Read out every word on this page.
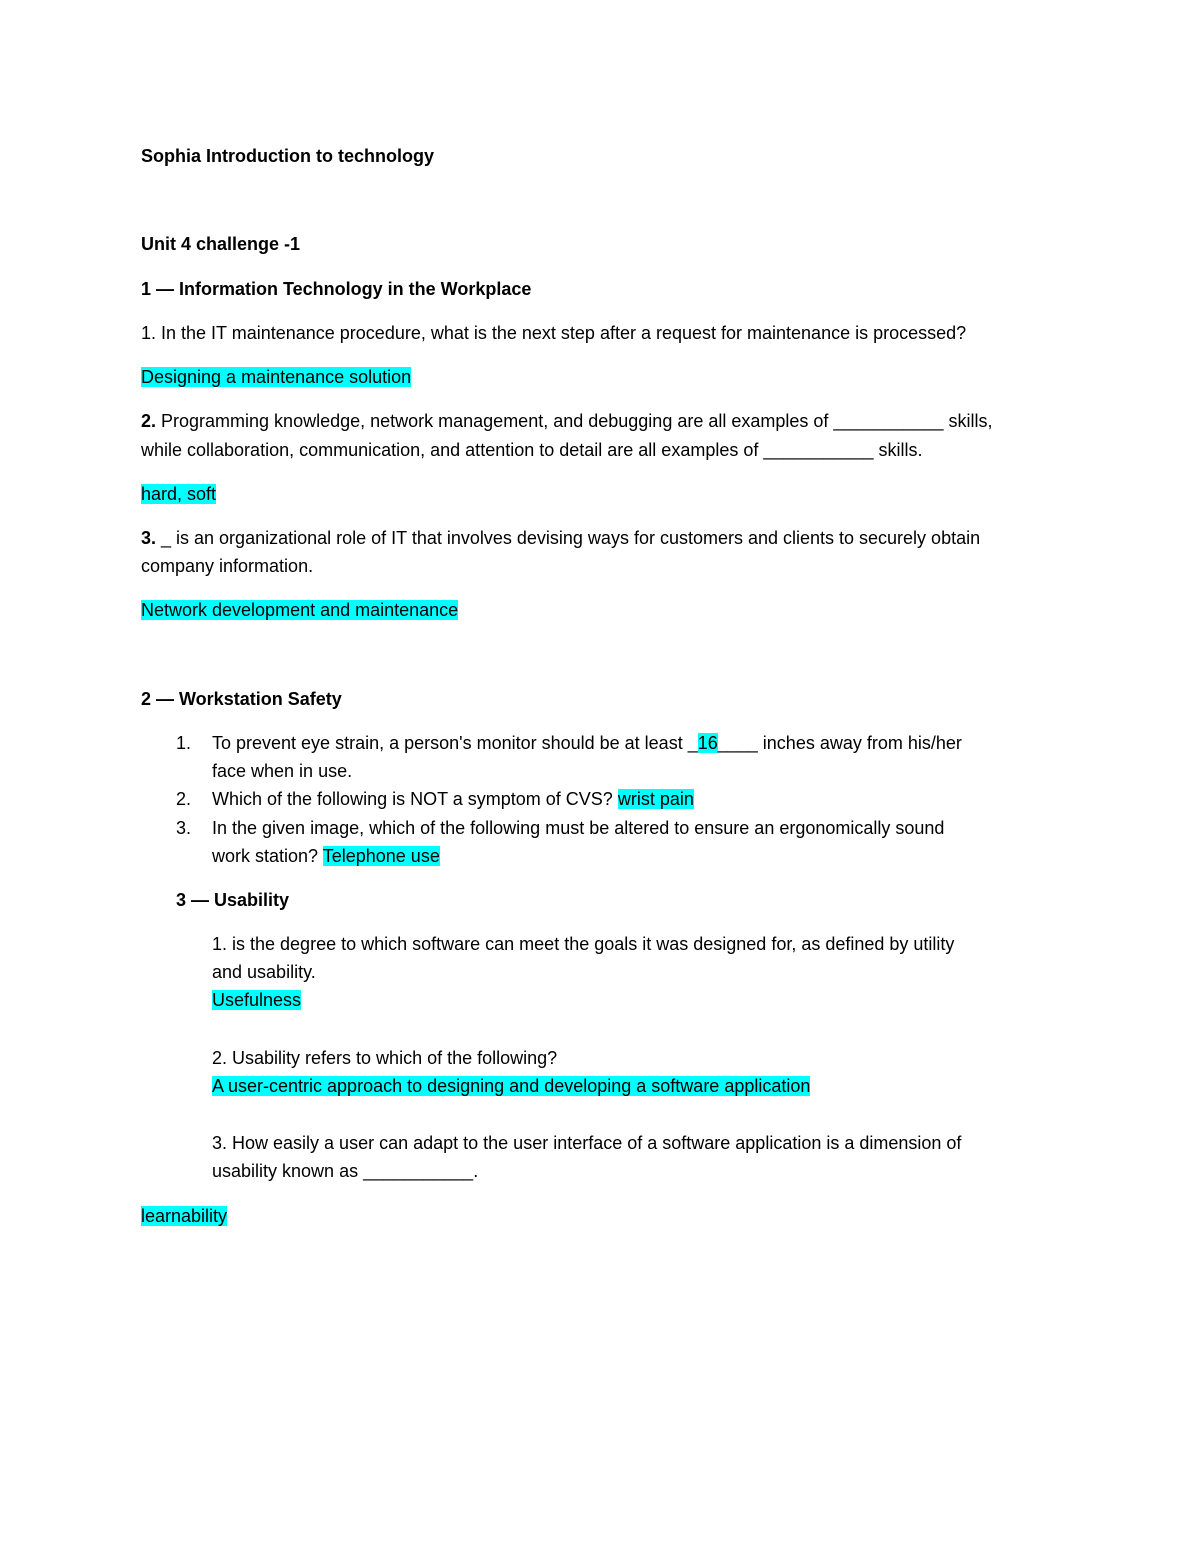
Sophia Introduction to technology
Unit 4 challenge -1
1 — Information Technology in the Workplace
1. In the IT maintenance procedure, what is the next step after a request for maintenance is processed?
Designing a maintenance solution
2. Programming knowledge, network management, and debugging are all examples of ___________ skills,
while collaboration, communication, and attention to detail are all examples of ___________ skills.
hard, soft
3. _ is an organizational role of IT that involves devising ways for customers and clients to securely obtain
company information.
Network development and maintenance
2 — Workstation Safety
1. To prevent eye strain, a person's monitor should be at least _16____ inches away from his/her
face when in use.
2. Which of the following is NOT a symptom of CVS? wrist pain
3. In the given image, which of the following must be altered to ensure an ergonomically sound
work station? Telephone use
3 — Usability
1. is the degree to which software can meet the goals it was designed for, as defined by utility
and usability.
Usefulness
2. Usability refers to which of the following?
A user-centric approach to designing and developing a software application
3. How easily a user can adapt to the user interface of a software application is a dimension of
usability known as ___________.
learnability
